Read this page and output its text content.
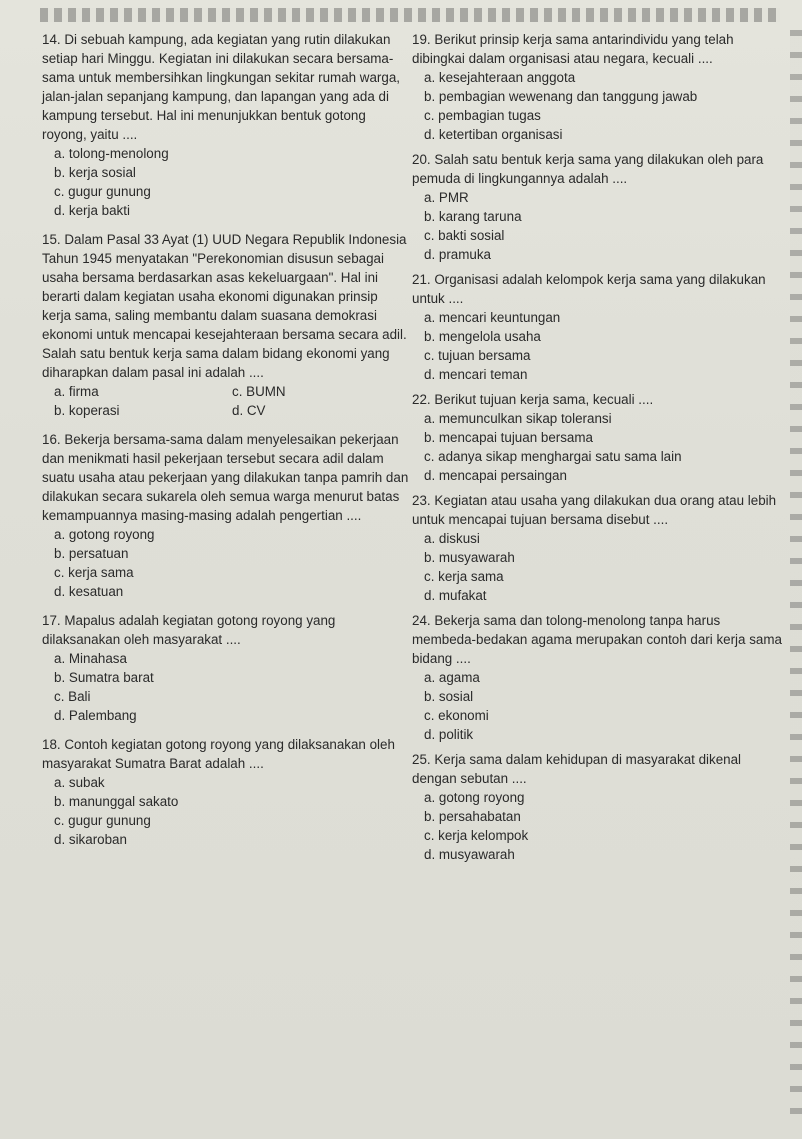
14. Di sebuah kampung, ada kegiatan yang rutin dilakukan setiap hari Minggu. Kegiatan ini dilakukan secara bersama-sama untuk membersihkan lingkungan sekitar rumah warga, jalan-jalan sepanjang kampung, dan lapangan yang ada di kampung tersebut. Hal ini menunjukkan bentuk gotong royong, yaitu ....

a. tolong-menolong

b. kerja sosial

c. gugur gunung

d. kerja bakti

15. Dalam Pasal 33 Ayat (1) UUD Negara Republik Indonesia Tahun 1945 menyatakan "Perekonomian disusun sebagai usaha bersama berdasarkan asas kekeluargaan". Hal ini berarti dalam kegiatan usaha ekonomi digunakan prinsip kerja sama, saling membantu dalam suasana demokrasi ekonomi untuk mencapai kesejahteraan bersama secara adil. Salah satu bentuk kerja sama dalam bidang ekonomi yang diharapkan dalam pasal ini adalah ....

a. firma	c. BUMN
b. koperasi	d. CV

16. Bekerja bersama-sama dalam menyelesaikan pekerjaan dan menikmati hasil pekerjaan tersebut secara adil dalam suatu usaha atau pekerjaan yang dilakukan tanpa pamrih dan dilakukan secara sukarela oleh semua warga menurut batas kemampuannya masing-masing adalah pengertian ....

a. gotong royong

b. persatuan

c. kerja sama

d. kesatuan

17. Mapalus adalah kegiatan gotong royong yang dilaksanakan oleh masyarakat ....

a. Minahasa

b. Sumatra barat

c. Bali

d. Palembang

18. Contoh kegiatan gotong royong yang dilaksanakan oleh masyarakat Sumatra Barat adalah ....

a. subak

b. manunggal sakato

c. gugur gunung

d. sikaroban

19. Berikut prinsip kerja sama antarindividu yang telah dibingkai dalam organisasi atau negara, kecuali ....

a. kesejahteraan anggota

b. pembagian wewenang dan tanggung jawab

c. pembagian tugas

d. ketertiban organisasi

20. Salah satu bentuk kerja sama yang dilakukan oleh para pemuda di lingkungannya adalah ....

a. PMR

b. karang taruna

c. bakti sosial

d. pramuka

21. Organisasi adalah kelompok kerja sama yang dilakukan untuk ....

a. mencari keuntungan

b. mengelola usaha

c. tujuan bersama

d. mencari teman

22. Berikut tujuan kerja sama, kecuali ....

a. memunculkan sikap toleransi

b. mencapai tujuan bersama

c. adanya sikap menghargai satu sama lain

d. mencapai persaingan

23. Kegiatan atau usaha yang dilakukan dua orang atau lebih untuk mencapai tujuan bersama disebut ....

a. diskusi

b. musyawarah

c. kerja sama

d. mufakat

24. Bekerja sama dan tolong-menolong tanpa harus membeda-bedakan agama merupakan contoh dari kerja sama bidang ....

a. agama

b. sosial

c. ekonomi

d. politik

25. Kerja sama dalam kehidupan di masyarakat dikenal dengan sebutan ....

a. gotong royong

b. persahabatan

c. kerja kelompok

d. musyawarah
